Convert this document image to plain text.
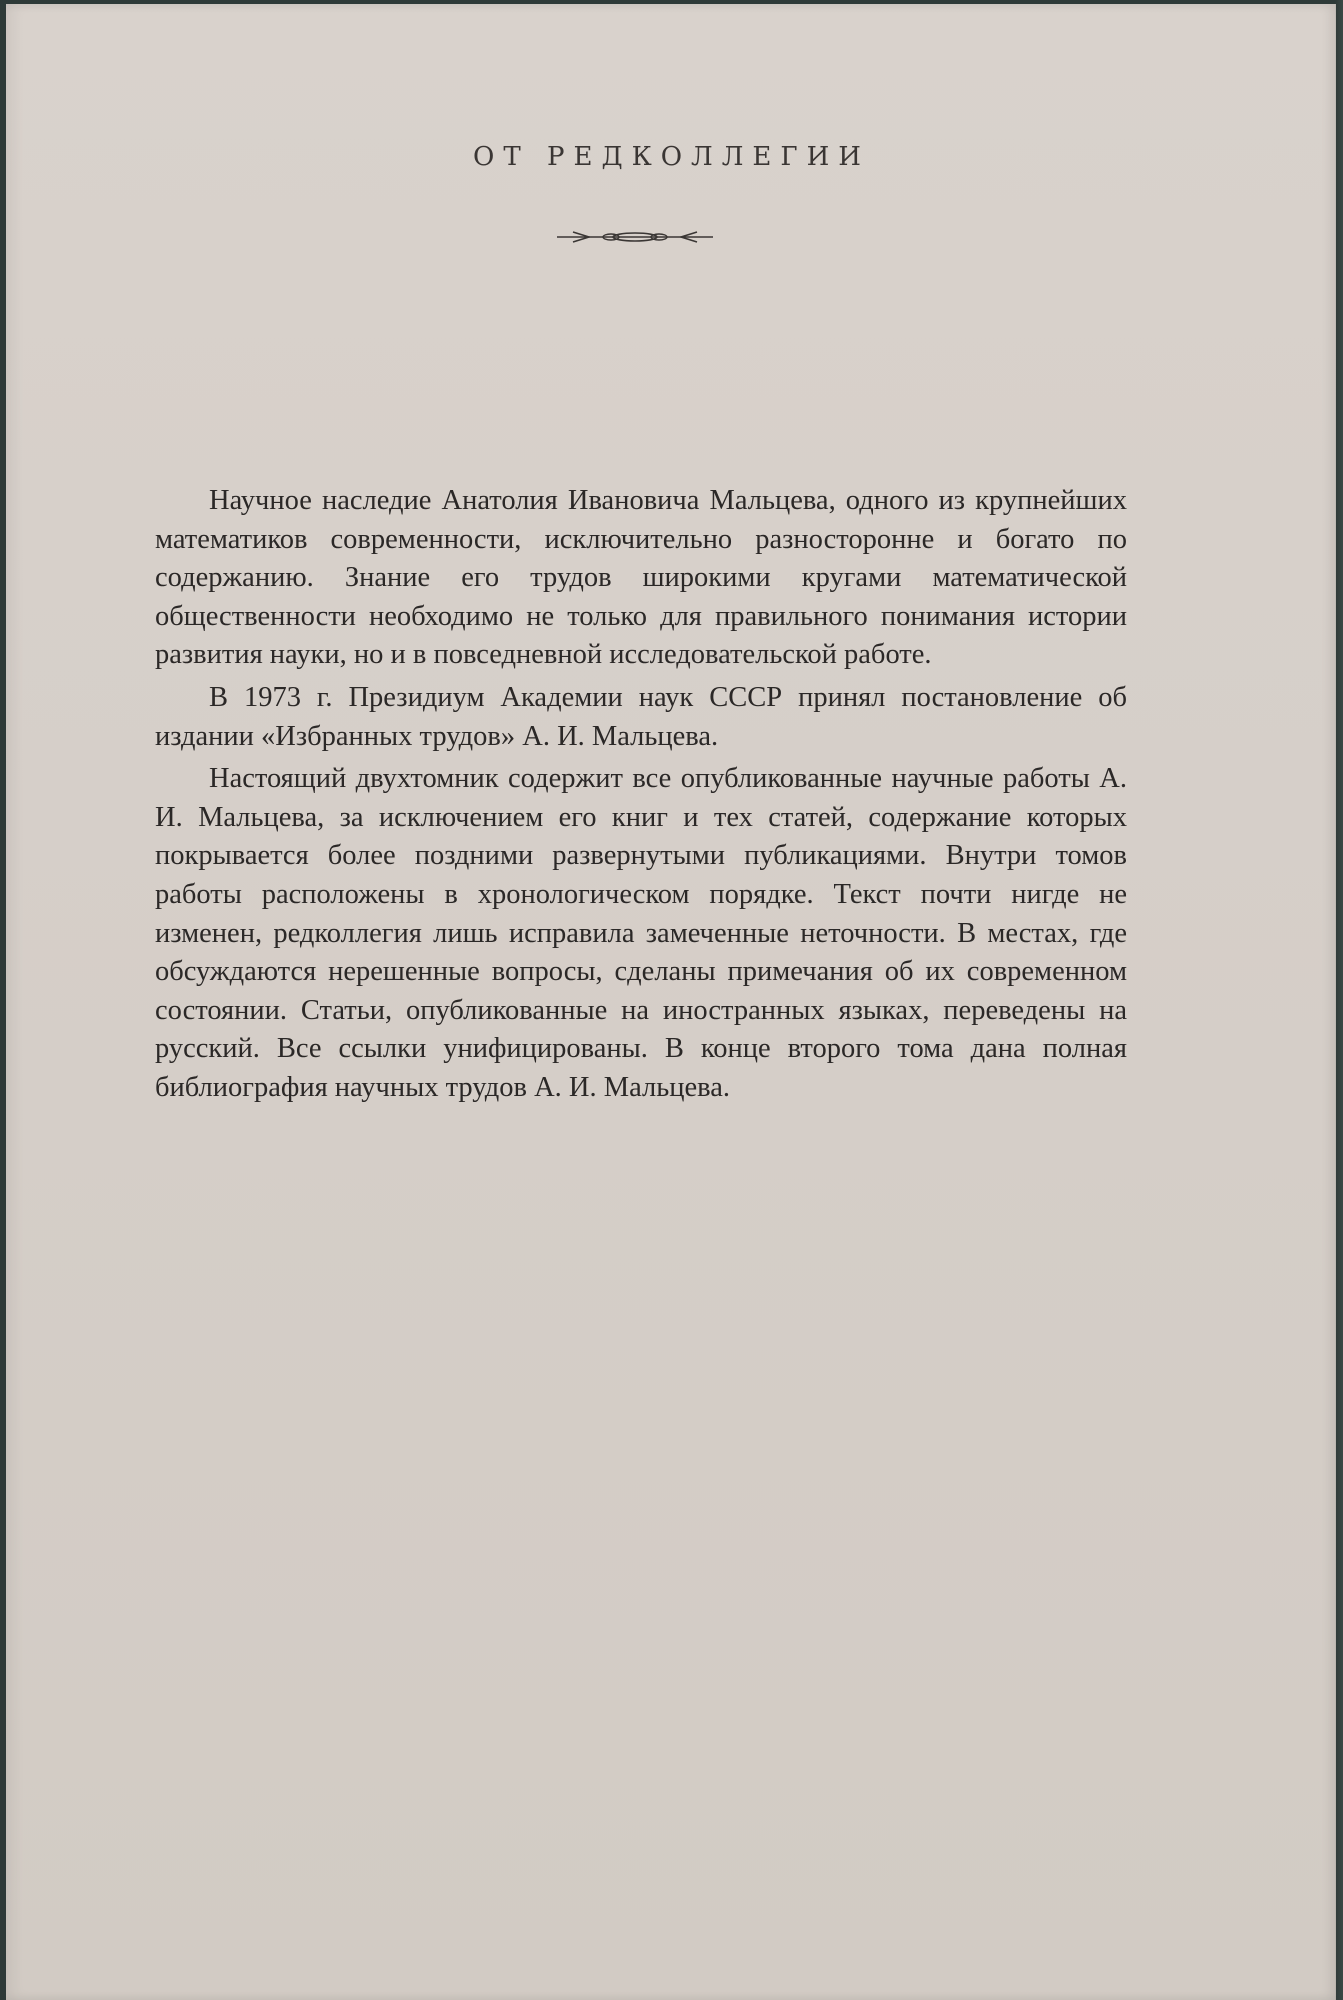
ОТ РЕДКОЛЛЕГИИ

Научное наследие Анатолия Ивановича Мальцева, одного из крупнейших математиков современности, исключительно разносторонне и богато по содержанию. Знание его трудов широкими кругами математической общественности необходимо не только для правильного понимания истории развития науки, но и в повседневной исследовательской работе.

В 1973 г. Президиум Академии наук СССР принял постановление об издании «Избранных трудов» А. И. Мальцева.

Настоящий двухтомник содержит все опубликованные научные работы А. И. Мальцева, за исключением его книг и тех статей, содержание которых покрывается более поздними развернутыми публикациями. Внутри томов работы расположены в хронологическом порядке. Текст почти нигде не изменен, редколлегия лишь исправила замеченные неточности. В местах, где обсуждаются нерешенные вопросы, сделаны примечания об их современном состоянии. Статьи, опубликованные на иностранных языках, переведены на русский. Все ссылки унифицированы. В конце второго тома дана полная библиография научных трудов А. И. Мальцева.
